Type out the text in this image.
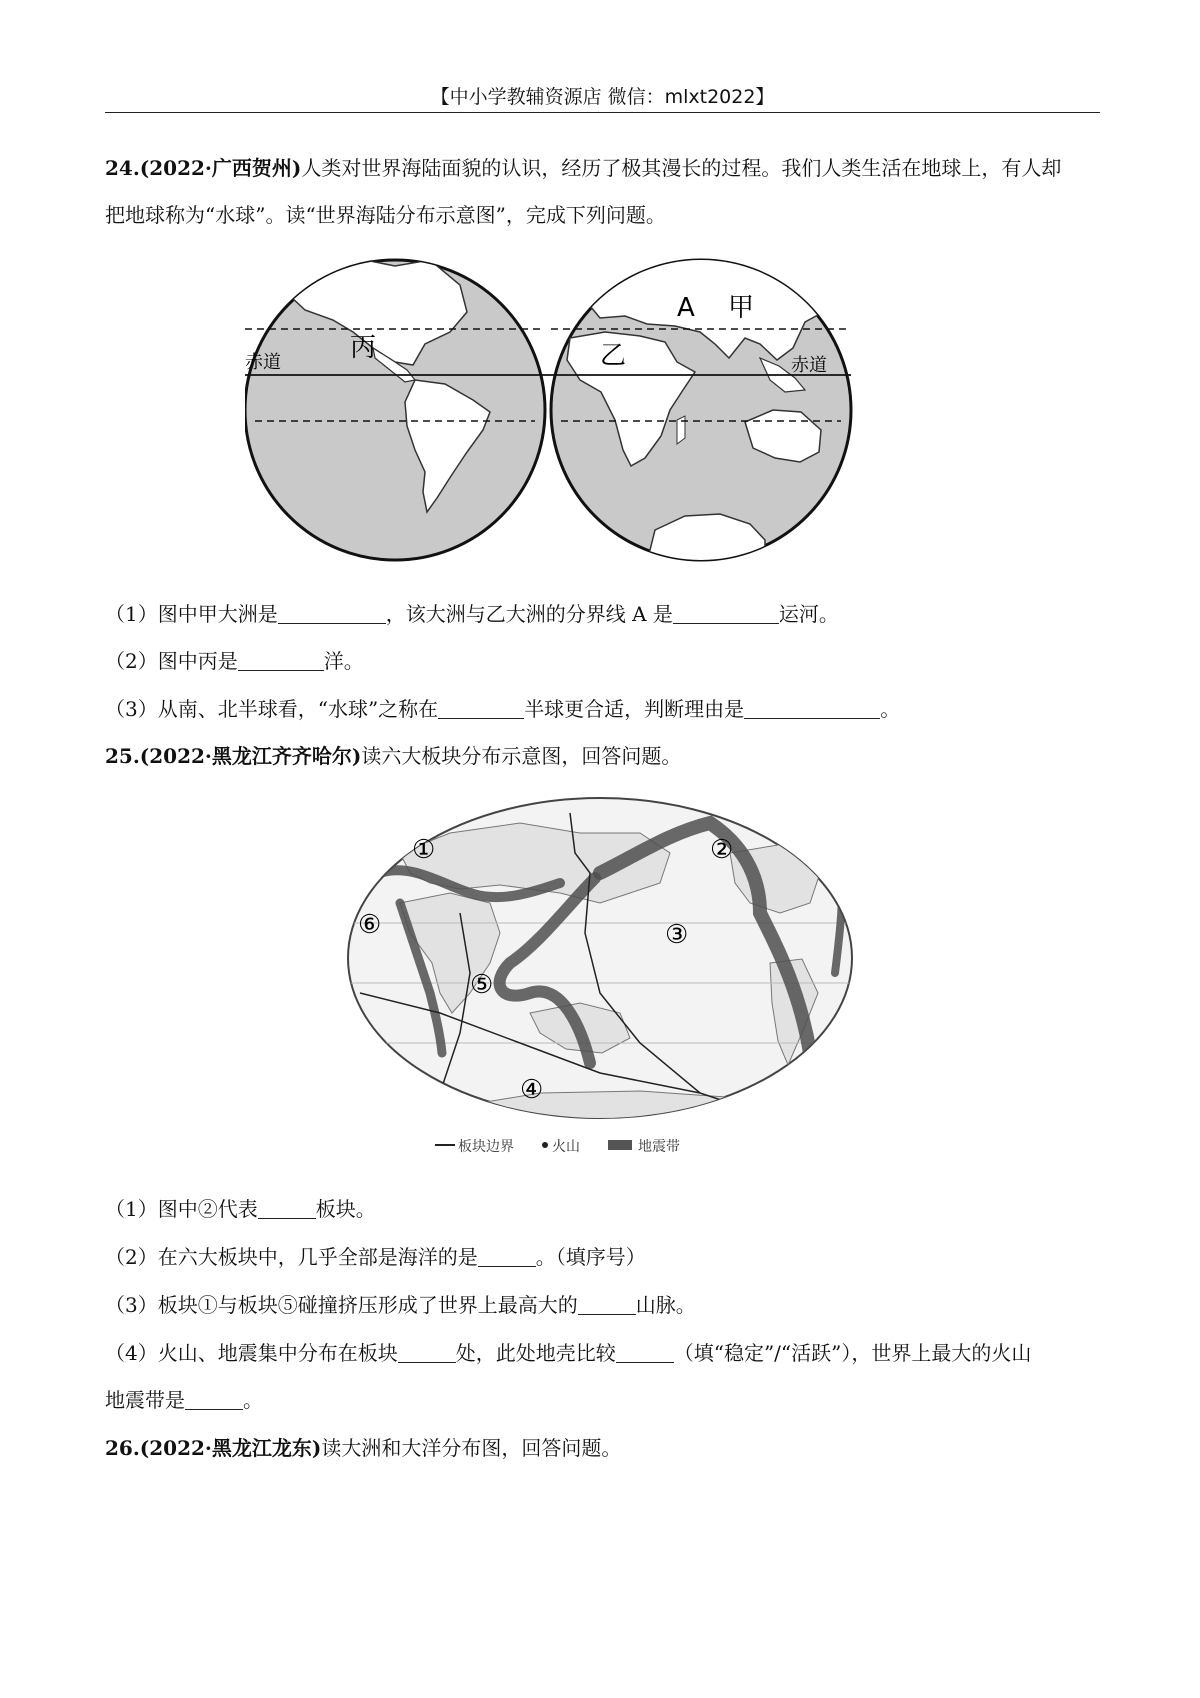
【中小学教辅资源店 微信：mlxt2022】
24.(2022·广西贺州)人类对世界海陆面貌的认识，经历了极其漫长的过程。我们人类生活在地球上，有人却
把地球称为“水球”。读“世界海陆分布示意图”，完成下列问题。
丙
赤道
A 甲
乙	赤道
（1）图中甲大洲是	，该大洲与乙大洲的分界线 A 是	运河。
（2）图中丙是	洋。
（3）从南、北半球看，“水球”之称在	半球更合适，判断理由是	。
25.(2022·黑龙江齐齐哈尔)读六大板块分布示意图，回答问题。
①	②
③
④
⑤
⑥
板块边界	火山	地震带
（1）图中②代表	板块。
（2）在六大板块中，几乎全部是海洋的是	。（填序号）
（3）板块①与板块⑤碰撞挤压形成了世界上最高大的	山脉。
（4）火山、地震集中分布在板块	处，此处地壳比较	（填“稳定”/“活跃”），世界上最大的火山
地震带是	。
26.(2022·黑龙江龙东)读大洲和大洋分布图，回答问题。
